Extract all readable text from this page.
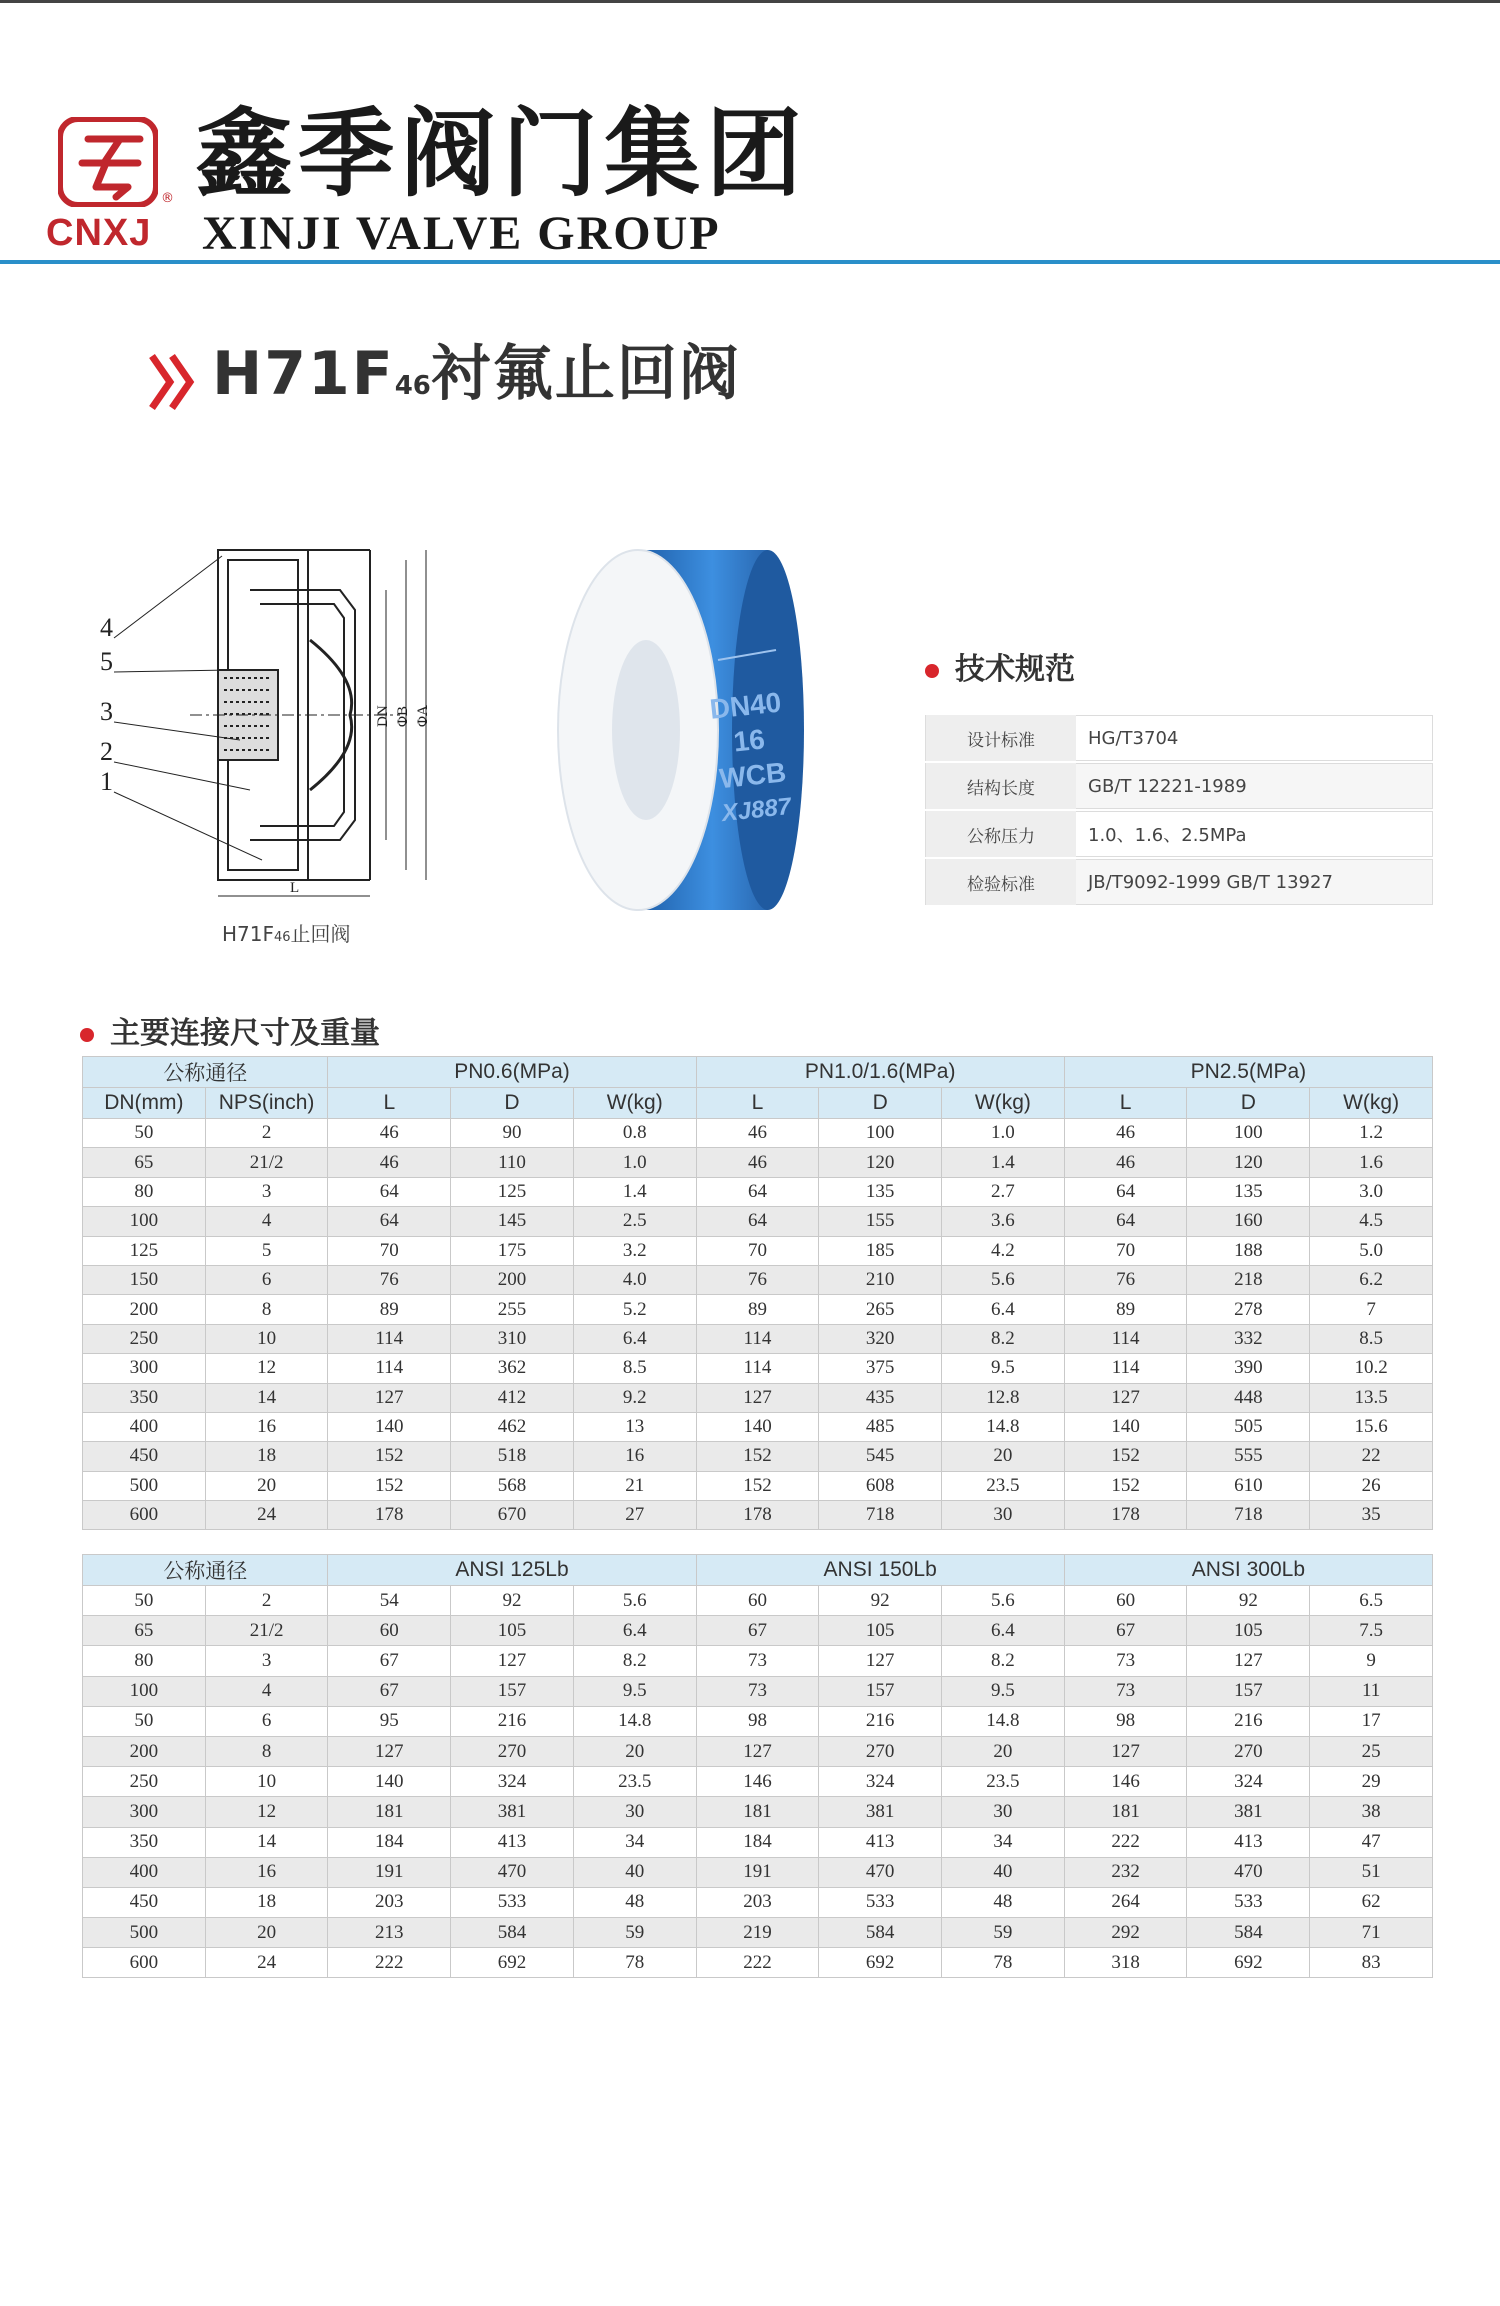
®
CNXJ
鑫季阀门集团
XINJI VALVE GROUP
H71F46衬氟止回阀
4
5
3
2
1
DN ΦB ΦA
L
H71F46止回阀
DN40
16
WCB
XJ887
技术规范
设计标准	HG/T3704
结构长度	GB/T 12221-1989
公称压力	1.0、1.6、2.5MPa
检验标准	JB/T9092-1999 GB/T 13927
主要连接尺寸及重量
公称通径		PN0.6(MPa)			PN1.0/1.6(MPa)			PN2.5(MPa)		
DN(mm)	NPS(inch)	L	D	W(kg)	L	D	W(kg)	L	D	W(kg)
50	2	46	90	0.8	46	100	1.0	46	100	1.2
65	21/2	46	110	1.0	46	120	1.4	46	120	1.6
80	3	64	125	1.4	64	135	2.7	64	135	3.0
100	4	64	145	2.5	64	155	3.6	64	160	4.5
125	5	70	175	3.2	70	185	4.2	70	188	5.0
150	6	76	200	4.0	76	210	5.6	76	218	6.2
200	8	89	255	5.2	89	265	6.4	89	278	7
250	10	114	310	6.4	114	320	8.2	114	332	8.5
300	12	114	362	8.5	114	375	9.5	114	390	10.2
350	14	127	412	9.2	127	435	12.8	127	448	13.5
400	16	140	462	13	140	485	14.8	140	505	15.6
450	18	152	518	16	152	545	20	152	555	22
500	20	152	568	21	152	608	23.5	152	610	26
600	24	178	670	27	178	718	30	178	718	35
公称通径		ANSI 125Lb			ANSI 150Lb			ANSI 300Lb		
50	2	54	92	5.6	60	92	5.6	60	92	6.5
65	21/2	60	105	6.4	67	105	6.4	67	105	7.5
80	3	67	127	8.2	73	127	8.2	73	127	9
100	4	67	157	9.5	73	157	9.5	73	157	11
50	6	95	216	14.8	98	216	14.8	98	216	17
200	8	127	270	20	127	270	20	127	270	25
250	10	140	324	23.5	146	324	23.5	146	324	29
300	12	181	381	30	181	381	30	181	381	38
350	14	184	413	34	184	413	34	222	413	47
400	16	191	470	40	191	470	40	232	470	51
450	18	203	533	48	203	533	48	264	533	62
500	20	213	584	59	219	584	59	292	584	71
600	24	222	692	78	222	692	78	318	692	83
